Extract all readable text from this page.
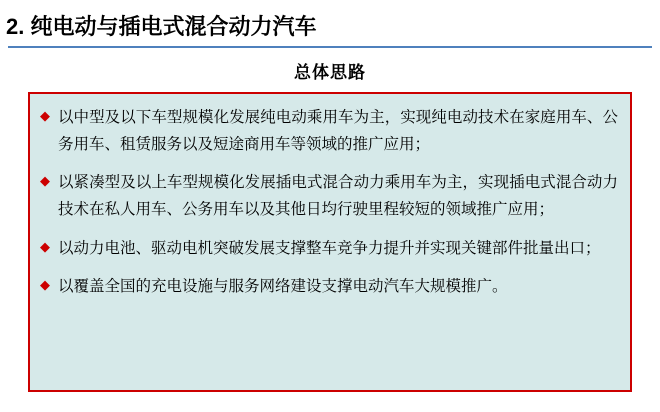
2. 纯电动与插电式混合动力汽车
总体思路
◆ 以中型及以下车型规模化发展纯电动乘用车为主，实现纯电动技术在家庭用车、公务用车、租赁服务以及短途商用车等领域的推广应用；
◆ 以紧凑型及以上车型规模化发展插电式混合动力乘用车为主，实现插电式混合动力技术在私人用车、公务用车以及其他日均行驶里程较短的领域推广应用；
◆ 以动力电池、驱动电机突破发展支撑整车竞争力提升并实现关键部件批量出口；
◆ 以覆盖全国的充电设施与服务网络建设支撑电动汽车大规模推广。
